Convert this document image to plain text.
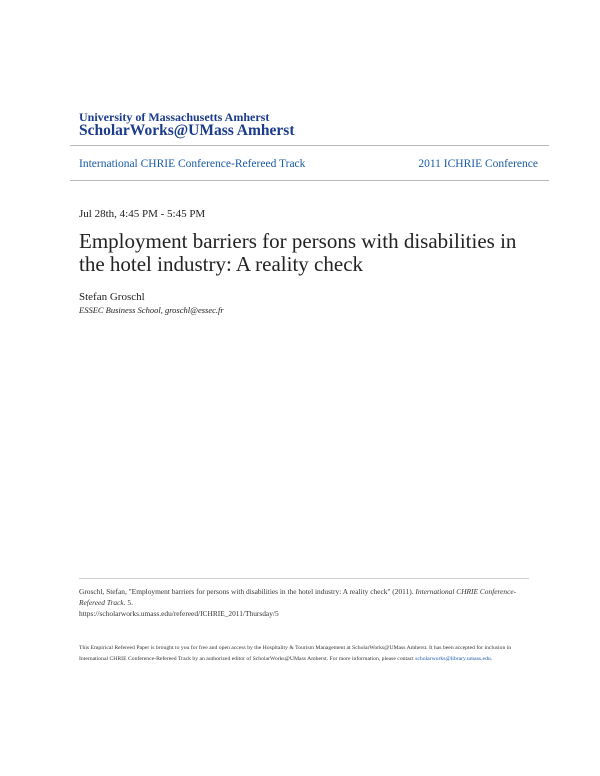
University of Massachusetts Amherst
ScholarWorks@UMass Amherst
International CHRIE Conference-Refereed Track	2011 ICHRIE Conference
Jul 28th, 4:45 PM - 5:45 PM
Employment barriers for persons with disabilities in the hotel industry: A reality check
Stefan Groschl
ESSEC Business School, groschl@essec.fr
Groschl, Stefan, "Employment barriers for persons with disabilities in the hotel industry: A reality check" (2011). International CHRIE Conference-Refereed Track. 5.
https://scholarworks.umass.edu/refereed/ICHRIE_2011/Thursday/5
This Empirical Refereed Paper is brought to you for free and open access by the Hospitality & Tourism Management at ScholarWorks@UMass Amherst. It has been accepted for inclusion in International CHRIE Conference-Refereed Track by an authorized editor of ScholarWorks@UMass Amherst. For more information, please contact scholarworks@library.umass.edu.
